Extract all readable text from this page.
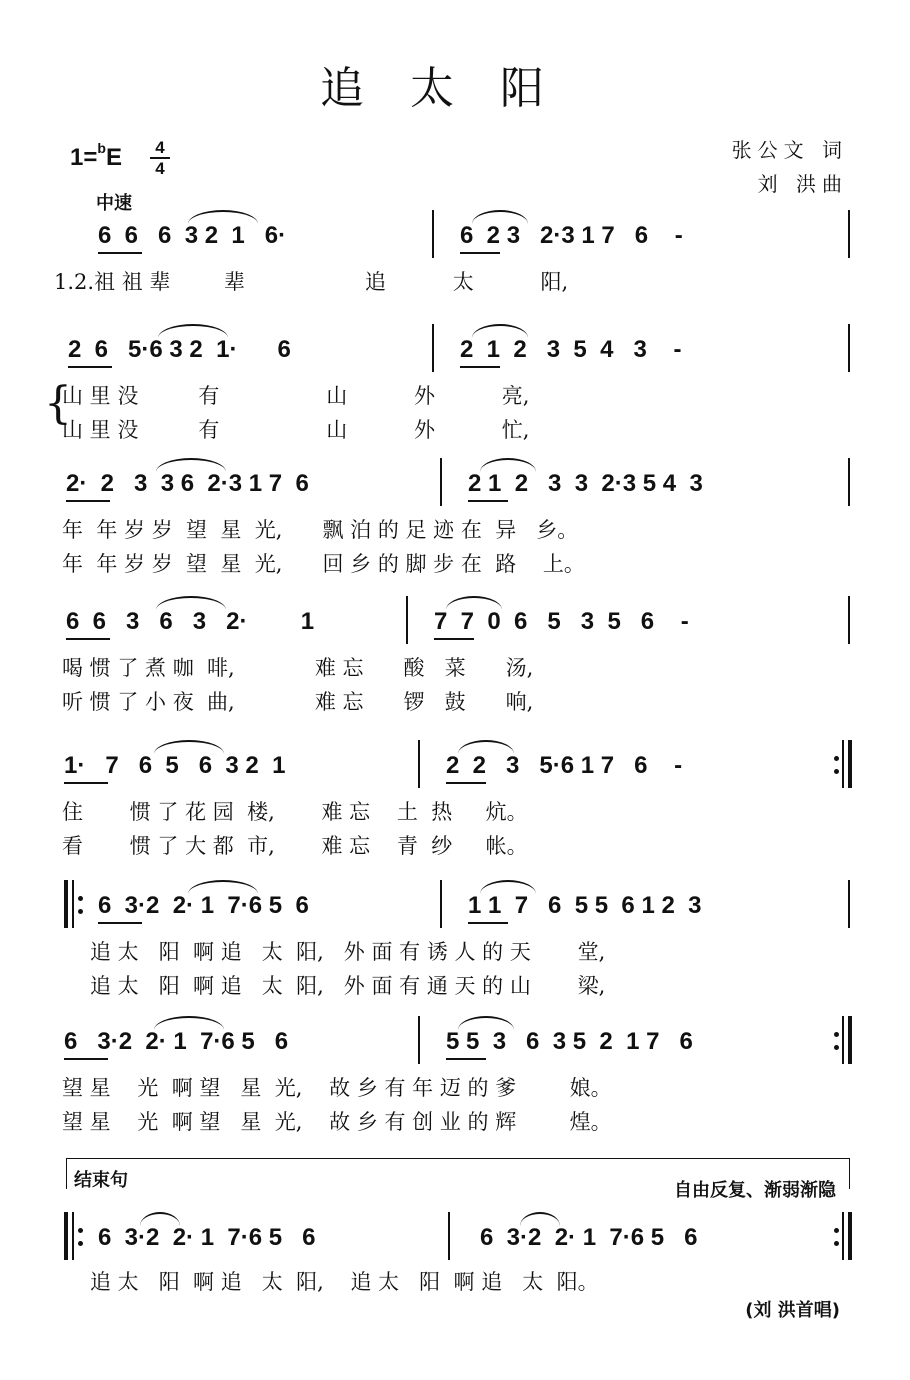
追太阳
张公文 词
刘 洪曲
1=$^b$E	4
4
中速
6  6   6  3 2  1   6·	6  2 3   2·3 1 7   6    -
1.2.祖 祖 辈        辈                  追          太          阳,
2  6   5·6 3 2  1·      6	2  1  2   3  5  4   3    -
山 里 没         有                山          外          亮,
山 里 没         有                山          外          忙,
2·  2   3  3 6  2·3 1 7  6	2 1  2   3  3  2·3 5 4  3
年  年 岁 岁  望  星  光,      飘 泊 的 足 迹 在  异   乡。
年  年 岁 岁  望  星  光,      回 乡 的 脚 步 在  路    上。
6  6   3   6   3   2·        1	7  7  0  6   5   3  5   6    -
喝 惯 了 煮 咖  啡,            难 忘      酸   菜      汤,
听 惯 了 小 夜  曲,            难 忘      锣   鼓      响,
1·   7   6  5   6  3 2  1	2  2   3   5·6 1 7   6    -
住       惯 了 花 园  楼,       难 忘    土  热     炕。
看       惯 了 大 都  市,       难 忘    青  纱     帐。
6  3·2  2· 1  7·6 5  6	1 1  7   6  5 5  6 1 2  3
追 太   阳  啊 追   太  阳,   外 面 有 诱 人 的 天       堂,
追 太   阳  啊 追   太  阳,   外 面 有 通 天 的 山       梁,
6   3·2  2· 1  7·6 5   6	5 5  3   6  3 5  2  1 7   6
望 星    光  啊 望   星  光,    故 乡 有 年 迈 的 爹        娘。
望 星    光  啊 望   星  光,    故 乡 有 创 业 的 辉        煌。
{
结束句	自由反复、渐弱渐隐
6  3·2  2· 1  7·6 5   6	6  3·2  2· 1  7·6 5   6
追 太   阳  啊 追   太  阳,    追 太   阳  啊 追   太  阳。
(刘 洪首唱)
